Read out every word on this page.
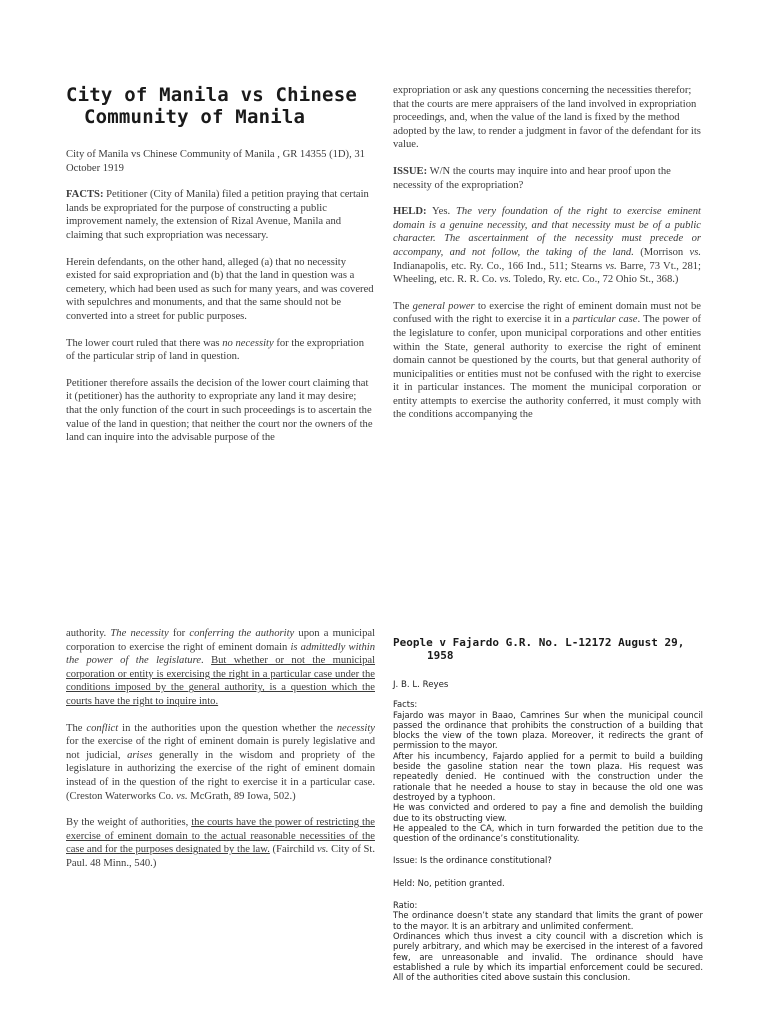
City of Manila vs Chinese
Community of Manila

City of Manila vs Chinese Community of Manila , GR 14355 (1D), 31 October 1919

FACTS: Petitioner (City of Manila) filed a petition praying that certain lands be expropriated for the purpose of constructing a public improvement namely, the extension of Rizal Avenue, Manila and claiming that such expropriation was necessary.

Herein defendants, on the other hand, alleged (a) that no necessity existed for said expropriation and (b) that the land in question was a cemetery, which had been used as such for many years, and was covered with sepulchres and monuments, and that the same should not be converted into a street for public purposes.

The lower court ruled that there was no necessity for the expropriation of the particular strip of land in question.

Petitioner therefore assails the decision of the lower court claiming that it (petitioner) has the authority to expropriate any land it may desire; that the only function of the court in such proceedings is to ascertain the value of the land in question; that neither the court nor the owners of the land can inquire into the advisable purpose of the

expropriation or ask any questions concerning the necessities therefor; that the courts are mere appraisers of the land involved in expropriation proceedings, and, when the value of the land is fixed by the method adopted by the law, to render a judgment in favor of the defendant for its value.

ISSUE: W/N the courts may inquire into and hear proof upon the necessity of the expropriation?

HELD: Yes. The very foundation of the right to exercise eminent domain is a genuine necessity, and that necessity must be of a public character. The ascertainment of the necessity must precede or accompany, and not follow, the taking of the land. (Morrison vs. Indianapolis, etc. Ry. Co., 166 Ind., 511; Stearns vs. Barre, 73 Vt., 281; Wheeling, etc. R. R. Co. vs. Toledo, Ry. etc. Co., 72 Ohio St., 368.)

The general power to exercise the right of eminent domain must not be confused with the right to exercise it in a particular case. The power of the legislature to confer, upon municipal corporations and other entities within the State, general authority to exercise the right of eminent domain cannot be questioned by the courts, but that general authority of municipalities or entities must not be confused with the right to exercise it in particular instances. The moment the municipal corporation or entity attempts to exercise the authority conferred, it must comply with the conditions accompanying the

authority. The necessity for conferring the authority upon a municipal corporation to exercise the right of eminent domain is admittedly within the power of the legislature. But whether or not the municipal corporation or entity is exercising the right in a particular case under the conditions imposed by the general authority, is a question which the courts have the right to inquire into.

The conflict in the authorities upon the question whether the necessity for the exercise of the right of eminent domain is purely legislative and not judicial, arises generally in the wisdom and propriety of the legislature in authorizing the exercise of the right of eminent domain instead of in the question of the right to exercise it in a particular case. (Creston Waterworks Co. vs. McGrath, 89 Iowa, 502.)

By the weight of authorities, the courts have the power of restricting the exercise of eminent domain to the actual reasonable necessities of the case and for the purposes designated by the law. (Fairchild vs. City of St. Paul. 48 Minn., 540.)

People v Fajardo G.R. No. L-12172 August 29,
1958

J. B. L. Reyes

Facts:
Fajardo was mayor in Baao, Camrines Sur when the municipal council passed the ordinance that prohibits the construction of a building that blocks the view of the town plaza. Moreover, it redirects the grant of permission to the mayor.
After his incumbency, Fajardo applied for a permit to build a building beside the gasoline station near the town plaza. His request was repeatedly denied. He continued with the construction under the rationale that he needed a house to stay in because the old one was destroyed by a typhoon.
He was convicted and ordered to pay a fine and demolish the building due to its obstructing view.
He appealed to the CA, which in turn forwarded the petition due to the question of the ordinance’s constitutionality.
Issue: Is the ordinance constitutional?
Held: No, petition granted.
Ratio:
The ordinance doesn’t state any standard that limits the grant of power to the mayor. It is an arbitrary and unlimited conferment.
Ordinances which thus invest a city council with a discretion which is purely arbitrary, and which may be exercised in the interest of a favored few, are unreasonable and invalid. The ordinance should have established a rule by which its impartial enforcement could be secured. All of the authorities cited above sustain this conclusion.
